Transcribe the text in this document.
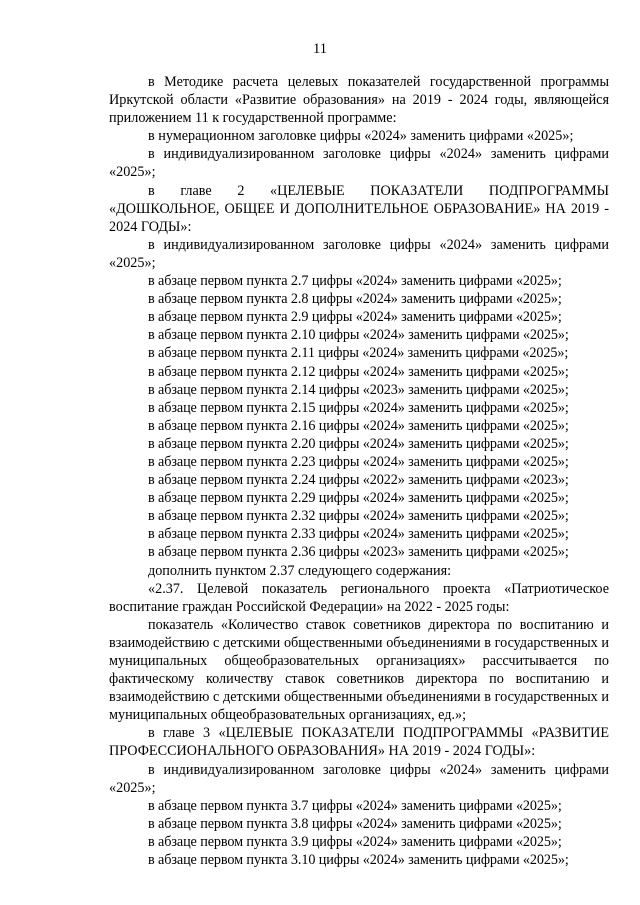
11

в Методике расчета целевых показателей государственной программы Иркутской области «Развитие образования» на 2019 - 2024 годы, являющейся приложением 11 к государственной программе:

в нумерационном заголовке цифры «2024» заменить цифрами «2025»;

в индивидуализированном заголовке цифры «2024» заменить цифрами «2025»;

в главе 2 «ЦЕЛЕВЫЕ ПОКАЗАТЕЛИ ПОДПРОГРАММЫ «ДОШКОЛЬНОЕ, ОБЩЕЕ И ДОПОЛНИТЕЛЬНОЕ ОБРАЗОВАНИЕ» НА 2019 - 2024 ГОДЫ»:

в индивидуализированном заголовке цифры «2024» заменить цифрами «2025»;

в абзаце первом пункта 2.7 цифры «2024» заменить цифрами «2025»;

в абзаце первом пункта 2.8 цифры «2024» заменить цифрами «2025»;

в абзаце первом пункта 2.9 цифры «2024» заменить цифрами «2025»;

в абзаце первом пункта 2.10 цифры «2024» заменить цифрами «2025»;

в абзаце первом пункта 2.11 цифры «2024» заменить цифрами «2025»;

в абзаце первом пункта 2.12 цифры «2024» заменить цифрами «2025»;

в абзаце первом пункта 2.14 цифры «2023» заменить цифрами «2025»;

в абзаце первом пункта 2.15 цифры «2024» заменить цифрами «2025»;

в абзаце первом пункта 2.16 цифры «2024» заменить цифрами «2025»;

в абзаце первом пункта 2.20 цифры «2024» заменить цифрами «2025»;

в абзаце первом пункта 2.23 цифры «2024» заменить цифрами «2025»;

в абзаце первом пункта 2.24 цифры «2022» заменить цифрами «2023»;

в абзаце первом пункта 2.29 цифры «2024» заменить цифрами «2025»;

в абзаце первом пункта 2.32 цифры «2024» заменить цифрами «2025»;

в абзаце первом пункта 2.33 цифры «2024» заменить цифрами «2025»;

в абзаце первом пункта 2.36 цифры «2023» заменить цифрами «2025»;

дополнить пунктом 2.37 следующего содержания:

«2.37. Целевой показатель регионального проекта «Патриотическое воспитание граждан Российской Федерации» на 2022 - 2025 годы:

показатель «Количество ставок советников директора по воспитанию и взаимодействию с детскими общественными объединениями в государственных и муниципальных общеобразовательных организациях» рассчитывается по фактическому количеству ставок советников директора по воспитанию и взаимодействию с детскими общественными объединениями в государственных и муниципальных общеобразовательных организациях, ед.»;

в главе 3 «ЦЕЛЕВЫЕ ПОКАЗАТЕЛИ ПОДПРОГРАММЫ «РАЗВИТИЕ ПРОФЕССИОНАЛЬНОГО ОБРАЗОВАНИЯ» НА 2019 - 2024 ГОДЫ»:

в индивидуализированном заголовке цифры «2024» заменить цифрами «2025»;

в абзаце первом пункта 3.7 цифры «2024» заменить цифрами «2025»;

в абзаце первом пункта 3.8 цифры «2024» заменить цифрами «2025»;

в абзаце первом пункта 3.9 цифры «2024» заменить цифрами «2025»;

в абзаце первом пункта 3.10 цифры «2024» заменить цифрами «2025»;
